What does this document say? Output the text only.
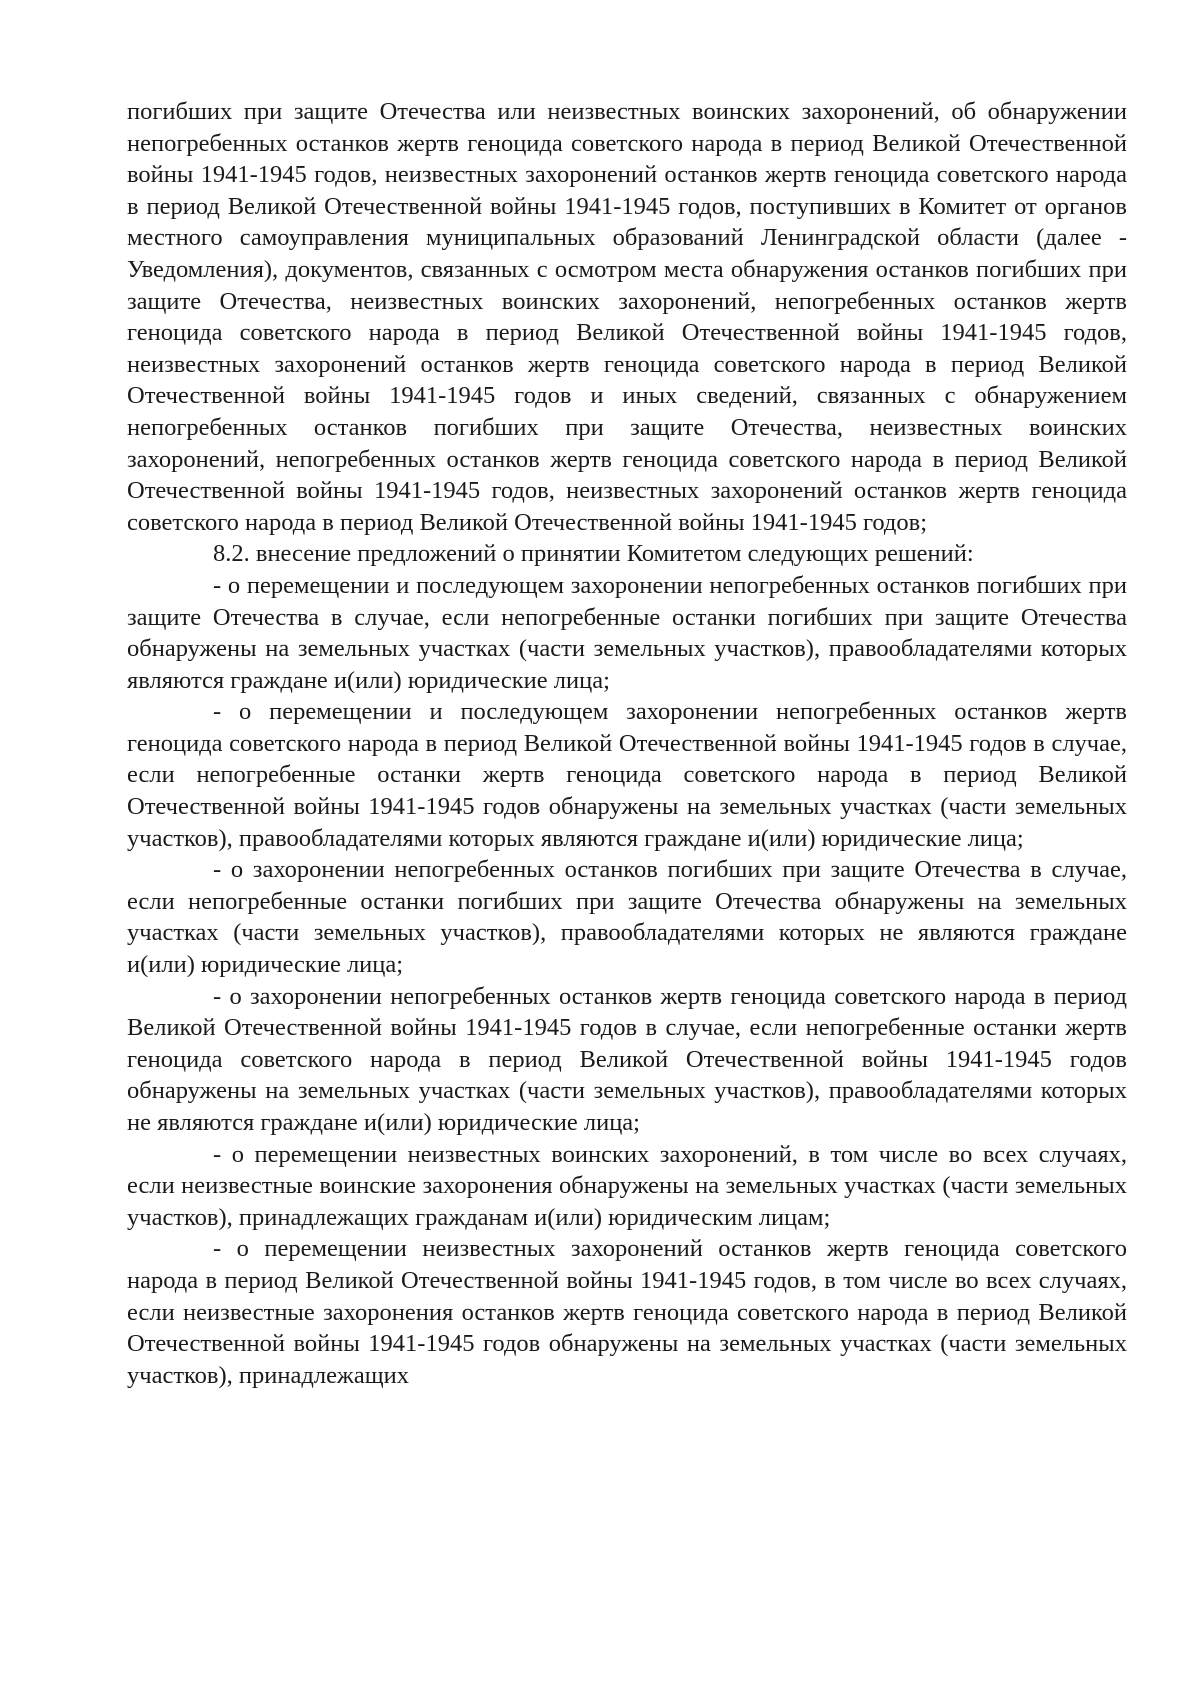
погибших при защите Отечества или неизвестных воинских захоронений, об обнаружении непогребенных останков жертв геноцида советского народа в период Великой Отечественной войны 1941-1945 годов, неизвестных захоронений останков жертв геноцида советского народа в период Великой Отечественной войны 1941-1945 годов, поступивших в Комитет от органов местного самоуправления муниципальных образований Ленинградской области (далее - Уведомления), документов, связанных с осмотром места обнаружения останков погибших при защите Отечества, неизвестных воинских захоронений, непогребенных останков жертв геноцида советского народа в период Великой Отечественной войны 1941-1945 годов, неизвестных захоронений останков жертв геноцида советского народа в период Великой Отечественной войны 1941-1945 годов и иных сведений, связанных с обнаружением непогребенных останков погибших при защите Отечества, неизвестных воинских захоронений, непогребенных останков жертв геноцида советского народа в период Великой Отечественной войны 1941-1945 годов, неизвестных захоронений останков жертв геноцида советского народа в период Великой Отечественной войны 1941-1945 годов;

8.2. внесение предложений о принятии Комитетом следующих решений:

- о перемещении и последующем захоронении непогребенных останков погибших при защите Отечества в случае, если непогребенные останки погибших при защите Отечества обнаружены на земельных участках (части земельных участков), правообладателями которых являются граждане и(или) юридические лица;

- о перемещении и последующем захоронении непогребенных останков жертв геноцида советского народа в период Великой Отечественной войны 1941-1945 годов в случае, если непогребенные останки жертв геноцида советского народа в период Великой Отечественной войны 1941-1945 годов обнаружены на земельных участках (части земельных участков), правообладателями которых являются граждане и(или) юридические лица;

- о захоронении непогребенных останков погибших при защите Отечества в случае, если непогребенные останки погибших при защите Отечества обнаружены на земельных участках (части земельных участков), правообладателями которых не являются граждане и(или) юридические лица;

- о захоронении непогребенных останков жертв геноцида советского народа в период Великой Отечественной войны 1941-1945 годов в случае, если непогребенные останки жертв геноцида советского народа в период Великой Отечественной войны 1941-1945 годов обнаружены на земельных участках (части земельных участков), правообладателями которых не являются граждане и(или) юридические лица;

- о перемещении неизвестных воинских захоронений, в том числе во всех случаях, если неизвестные воинские захоронения обнаружены на земельных участках (части земельных участков), принадлежащих гражданам и(или) юридическим лицам;

- о перемещении неизвестных захоронений останков жертв геноцида советского народа в период Великой Отечественной войны 1941-1945 годов, в том числе во всех случаях, если неизвестные захоронения останков жертв геноцида советского народа в период Великой Отечественной войны 1941-1945 годов обнаружены на земельных участках (части земельных участков), принадлежащих
